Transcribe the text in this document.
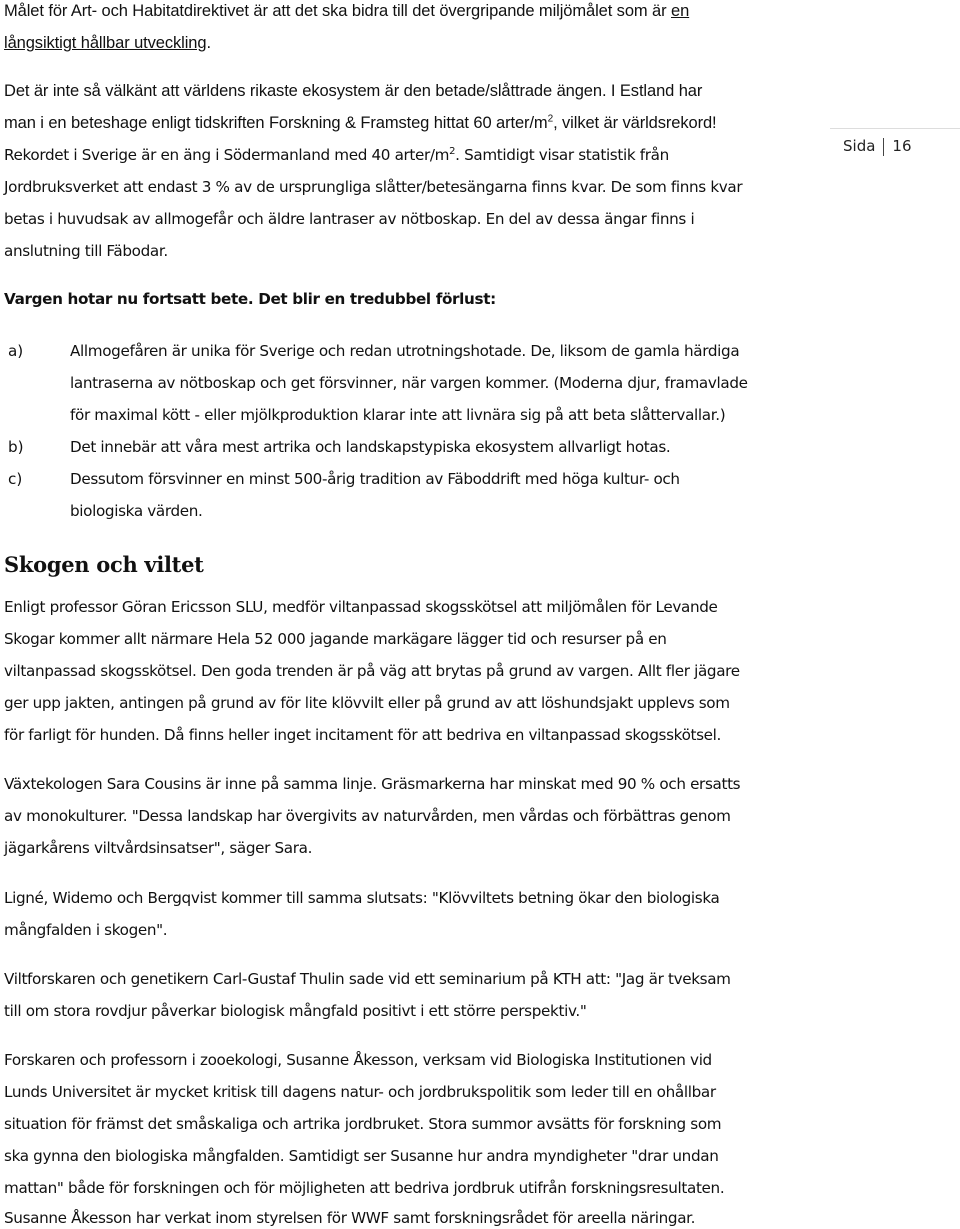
Målet för Art- och Habitatdirektivet är att det ska bidra till det övergripande miljömålet som är en
långsiktigt hållbar utveckling.
Det är inte så välkänt att världens rikaste ekosystem är den betade/slåttrade ängen. I Estland har
man i en beteshage enligt tidskriften Forskning & Framsteg hittat 60 arter/$m^2$, vilket är världsrekord!
Rekordet i Sverige är en äng i Södermanland med 40 arter/$m^2$. Samtidigt visar statistik från
Jordbruksverket att endast 3 % av de ursprungliga slåtter/betesängarna finns kvar. De som finns kvar
betas i huvudsak av allmogefår och äldre lantraser av nötboskap. En del av dessa ängar finns i
anslutning till Fäbodar.
Sida 16
Vargen hotar nu fortsatt bete. Det blir en tredubbel förlust:
a)	Allmogefåren är unika för Sverige och redan utrotningshotade. De, liksom de gamla härdiga
lantraserna av nötboskap och get försvinner, när vargen kommer. (Moderna djur, framavlade
för maximal kött - eller mjölkproduktion klarar inte att livnära sig på att beta slåttervallar.)
b)	Det innebär att våra mest artrika och landskapstypiska ekosystem allvarligt hotas.
c)	Dessutom försvinner en minst 500-årig tradition av Fäboddrift med höga kultur- och
biologiska värden.
Skogen och viltet
Enligt professor Göran Ericsson SLU, medför viltanpassad skogsskötsel att miljömålen för Levande
Skogar kommer allt närmare Hela 52 000 jagande markägare lägger tid och resurser på en
viltanpassad skogsskötsel. Den goda trenden är på väg att brytas på grund av vargen. Allt fler jägare
ger upp jakten, antingen på grund av för lite klövvilt eller på grund av att löshundsjakt upplevs som
för farligt för hunden. Då finns heller inget incitament för att bedriva en viltanpassad skogsskötsel.
Växtekologen Sara Cousins är inne på samma linje. Gräsmarkerna har minskat med 90 % och ersatts
av monokulturer. "Dessa landskap har övergivits av naturvården, men vårdas och förbättras genom
jägarkårens viltvårdsinsatser", säger Sara.
Ligné, Widemo och Bergqvist kommer till samma slutsats: "Klövviltets betning ökar den biologiska
mångfalden i skogen".
Viltforskaren och genetikern Carl-Gustaf Thulin sade vid ett seminarium på KTH att: "Jag är tveksam
till om stora rovdjur påverkar biologisk mångfald positivt i ett större perspektiv."
Forskaren och professorn i zooekologi, Susanne Åkesson, verksam vid Biologiska Institutionen vid
Lunds Universitet är mycket kritisk till dagens natur- och jordbrukspolitik som leder till en ohållbar
situation för främst det småskaliga och artrika jordbruket. Stora summor avsätts för forskning som
ska gynna den biologiska mångfalden. Samtidigt ser Susanne hur andra myndigheter "drar undan
mattan" både för forskningen och för möjligheten att bedriva jordbruk utifrån forskningsresultaten.
Susanne Åkesson har verkat inom styrelsen för WWF samt forskningsrådet för areella näringar.
